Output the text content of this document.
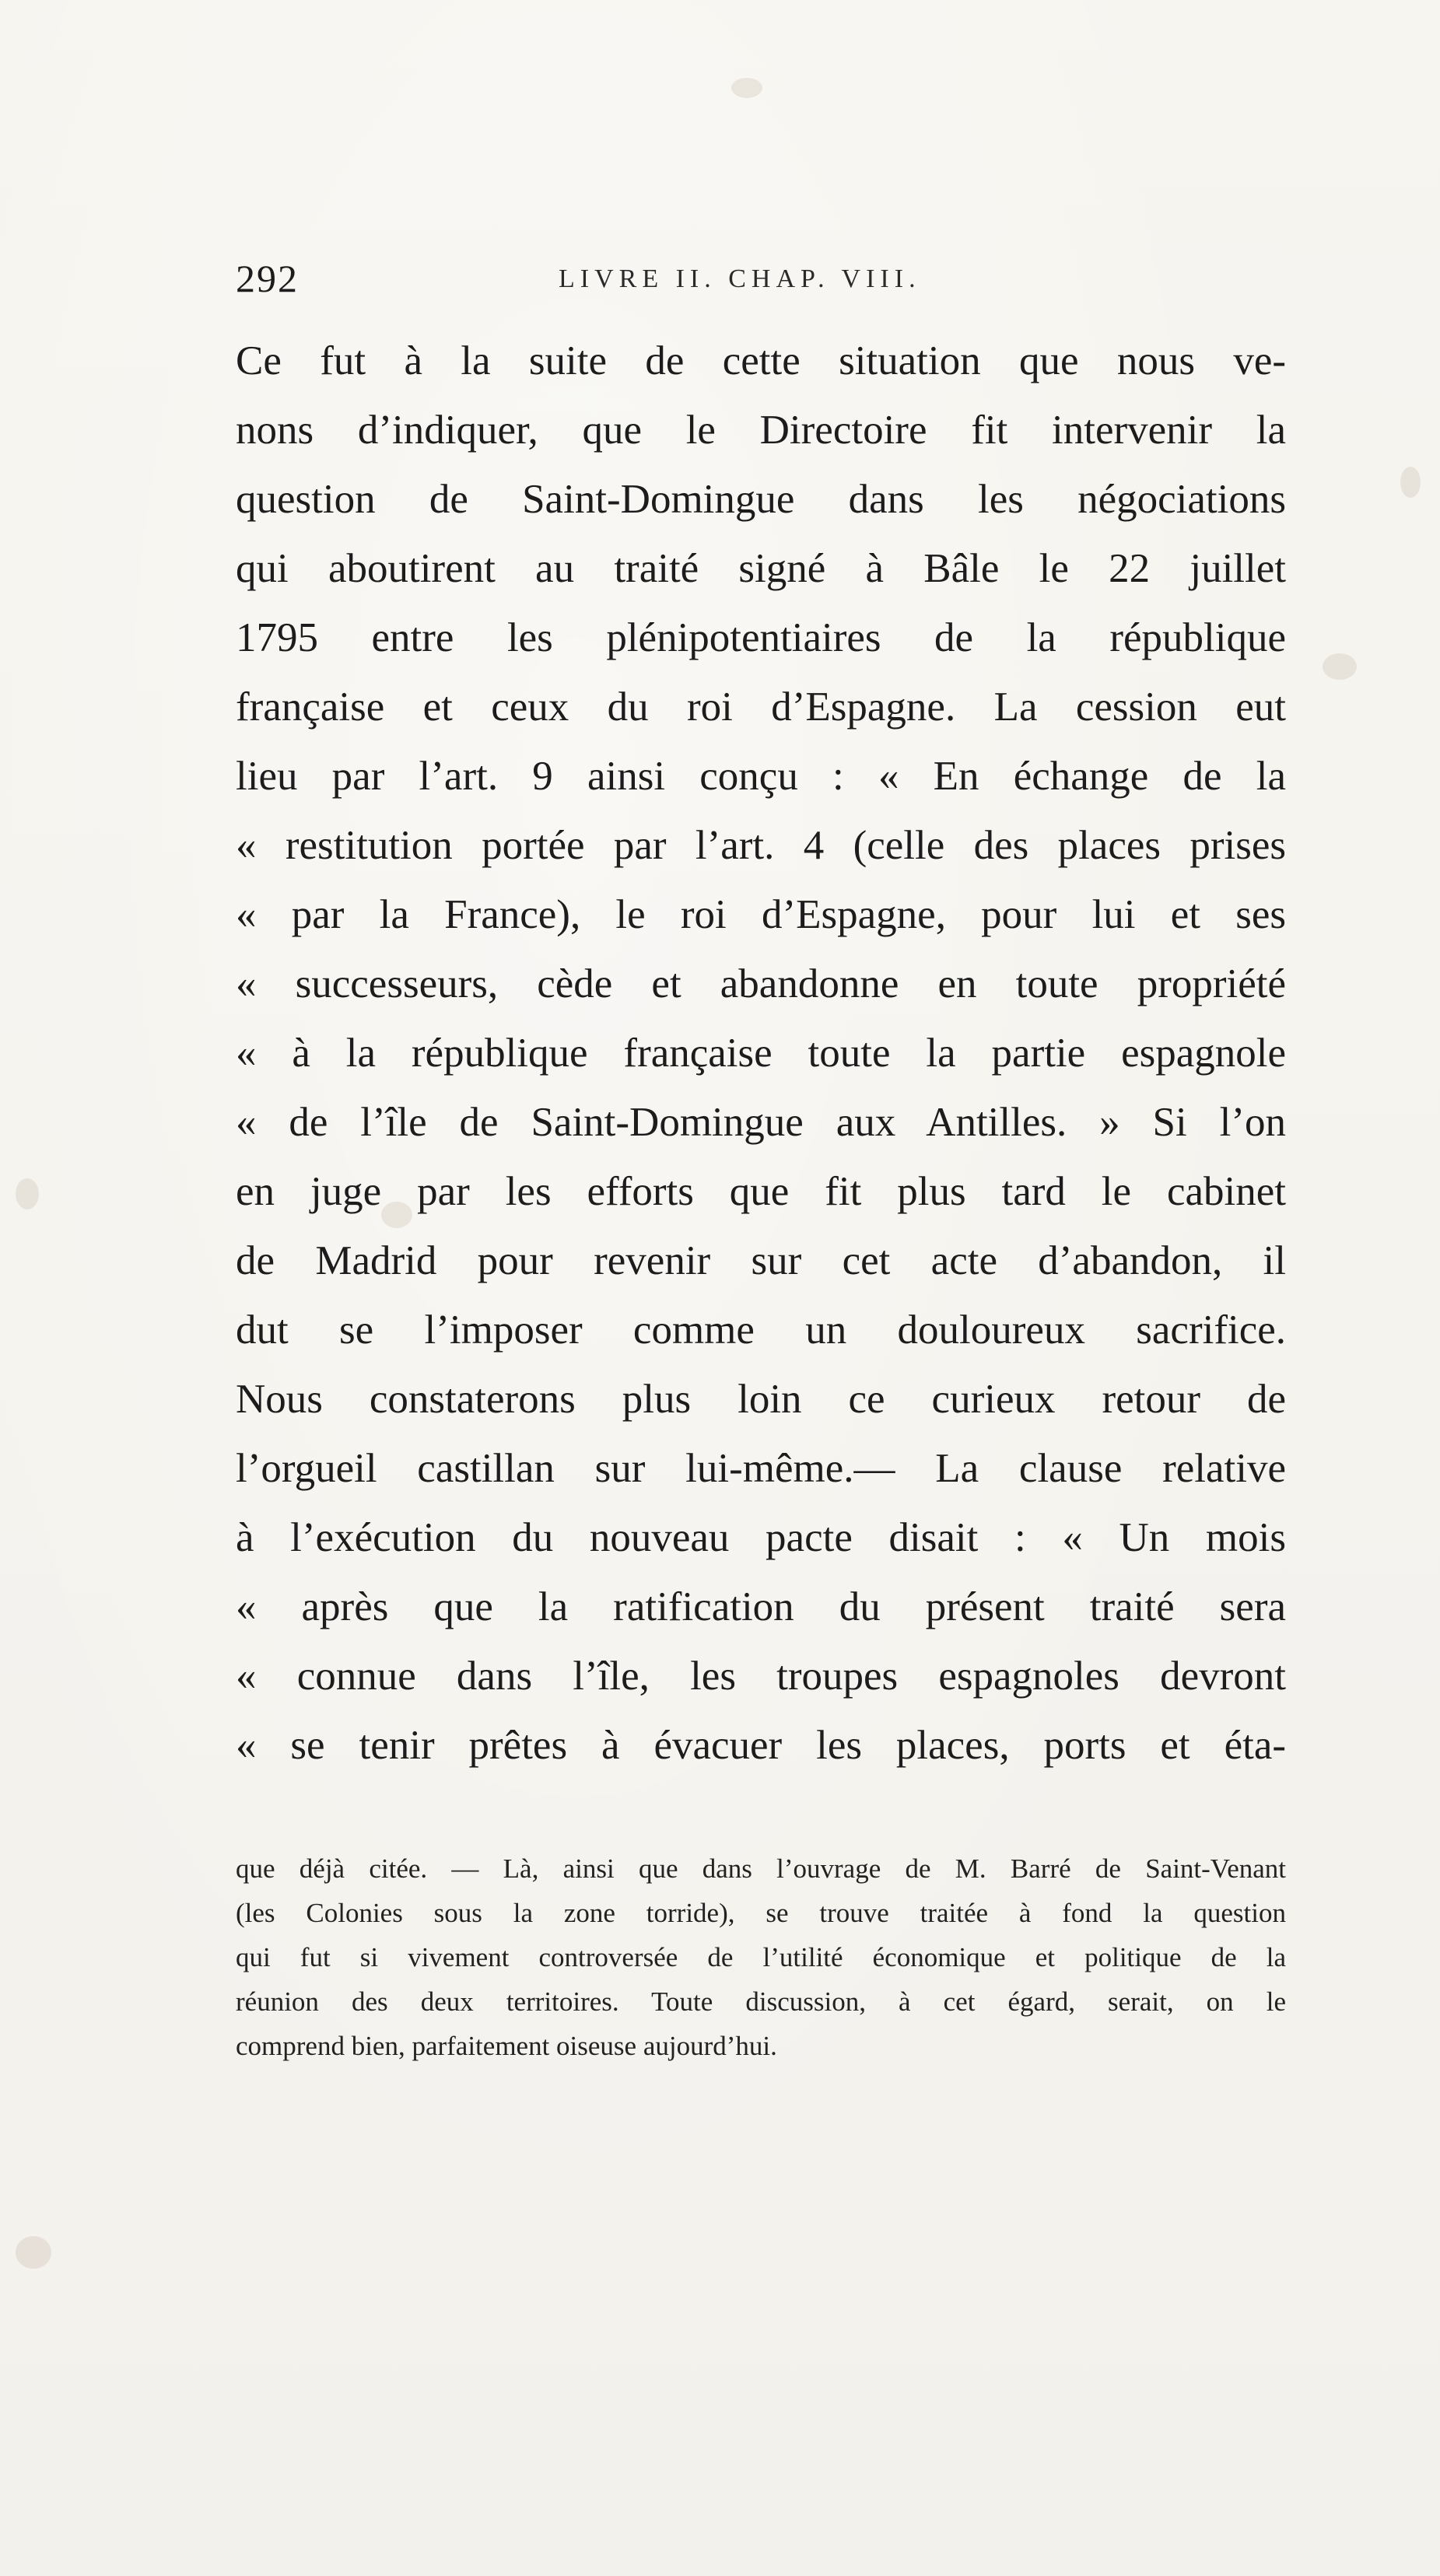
292	LIVRE II. CHAP. VIII.
Ce fut à la suite de cette situation que nous ve-
nons d’indiquer, que le Directoire fit intervenir la
question de Saint-Domingue dans les négociations
qui aboutirent au traité signé à Bâle le 22 juillet
1795 entre les plénipotentiaires de la république
française et ceux du roi d’Espagne. La cession eut
lieu par l’art. 9 ainsi conçu : « En échange de la
« restitution portée par l’art. 4 (celle des places prises
« par la France), le roi d’Espagne, pour lui et ses
« successeurs, cède et abandonne en toute propriété
« à la république française toute la partie espagnole
« de l’île de Saint-Domingue aux Antilles. » Si l’on
en juge par les efforts que fit plus tard le cabinet
de Madrid pour revenir sur cet acte d’abandon, il
dut se l’imposer comme un douloureux sacrifice.
Nous constaterons plus loin ce curieux retour de
l’orgueil castillan sur lui-même.— La clause relative
à l’exécution du nouveau pacte disait : « Un mois
« après que la ratification du présent traité sera
« connue dans l’île, les troupes espagnoles devront
« se tenir prêtes à évacuer les places, ports et éta-
que déjà citée. — Là, ainsi que dans l’ouvrage de M. Barré de Saint-Venant
(les Colonies sous la zone torride), se trouve traitée à fond la question
qui fut si vivement controversée de l’utilité économique et politique de la
réunion des deux territoires. Toute discussion, à cet égard, serait, on le
comprend bien, parfaitement oiseuse aujourd’hui.
